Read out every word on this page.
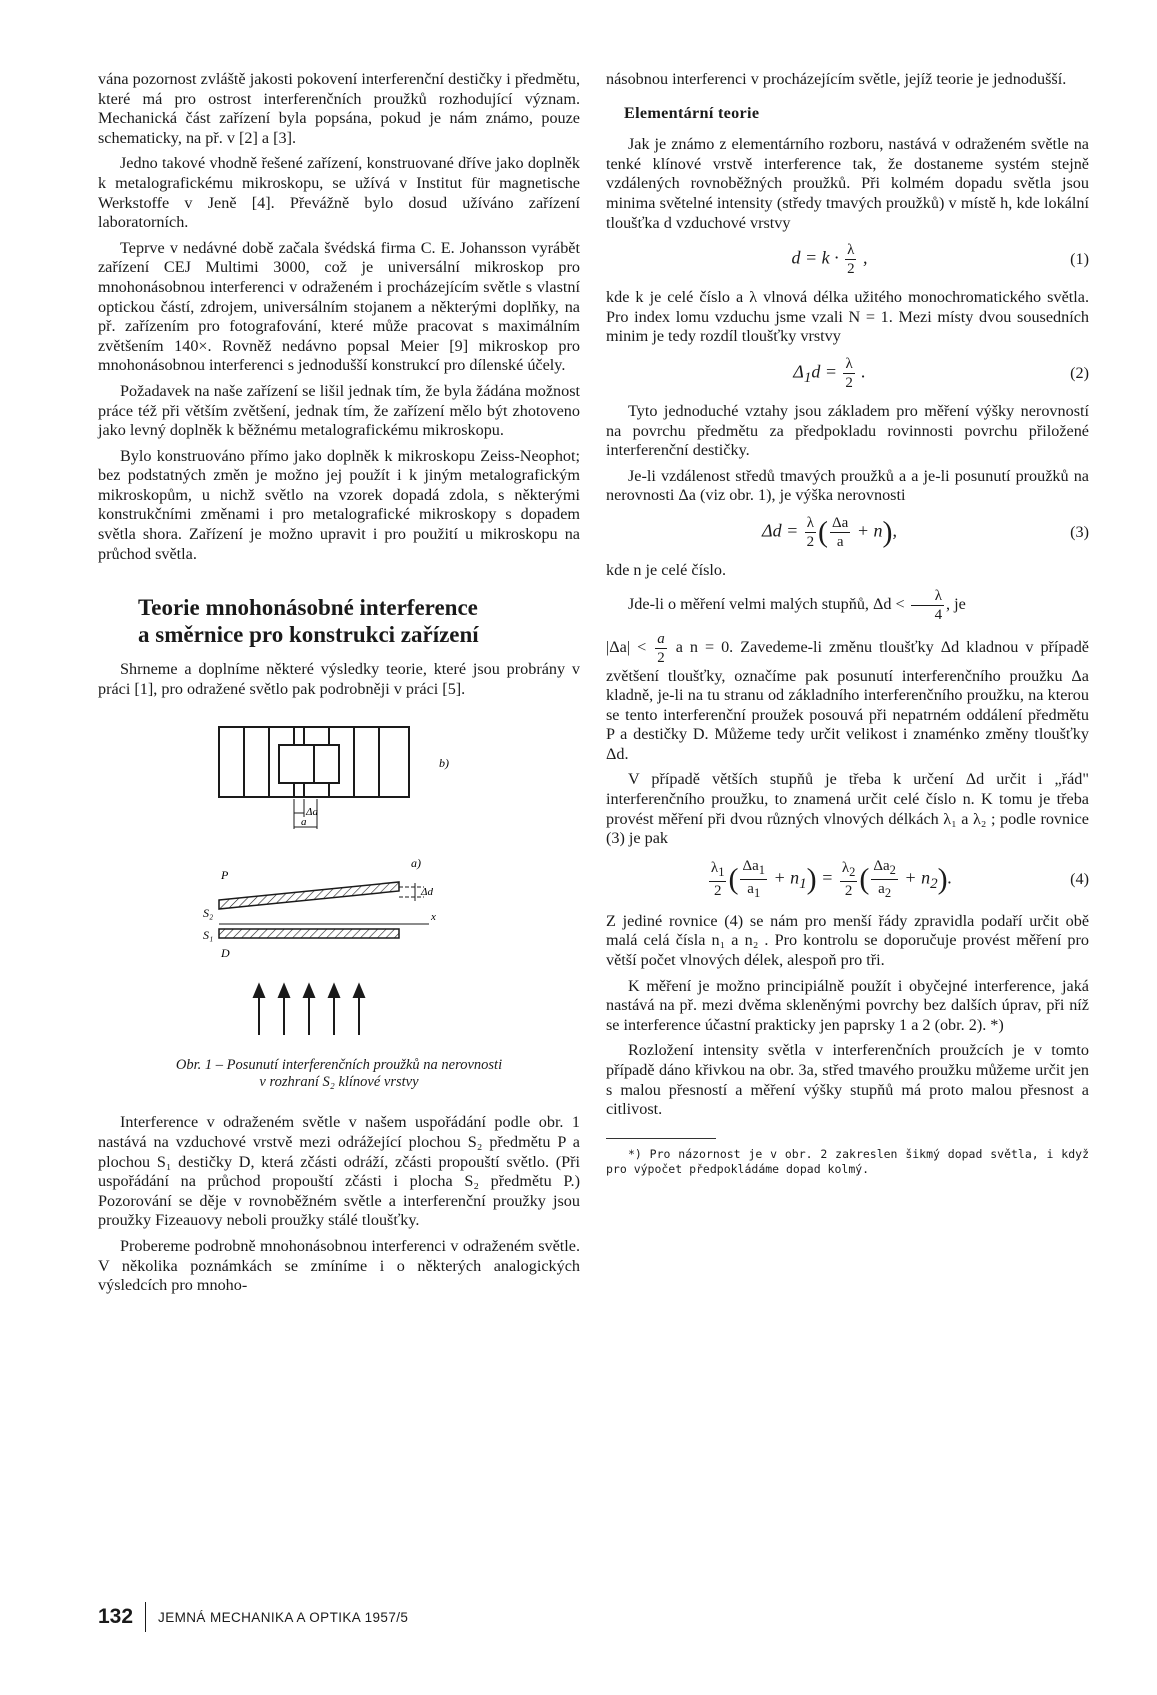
vána pozornost zvláště jakosti pokovení interferenční destičky i předmětu, které má pro ostrost interferenčních proužků rozhodující význam. Mechanická část zařízení byla popsána, pokud je nám známo, pouze schematicky, na př. v [2] a [3].

Jedno takové vhodně řešené zařízení, konstruované dříve jako doplněk k metalografickému mikroskopu, se užívá v Institut für magnetische Werkstoffe v Jeně [4]. Převážně bylo dosud užíváno zařízení laboratorních.

Teprve v nedávné době začala švédská firma C. E. Johansson vyrábět zařízení CEJ Multimi 3000, což je universální mikroskop pro mnohonásobnou interferenci v odraženém i procházejícím světle s vlastní optickou částí, zdrojem, universálním stojanem a některými doplňky, na př. zařízením pro fotografování, které může pracovat s maximálním zvětšením 140×. Rovněž nedávno popsal Meier [9] mikroskop pro mnohonásobnou interferenci s jednodušší konstrukcí pro dílenské účely.

Požadavek na naše zařízení se lišil jednak tím, že byla žádána možnost práce též při větším zvětšení, jednak tím, že zařízení mělo být zhotoveno jako levný doplněk k běžnému metalografickému mikroskopu.

Bylo konstruováno přímo jako doplněk k mikroskopu Zeiss-Neophot; bez podstatných změn je možno jej použít i k jiným metalografickým mikroskopům, u nichž světlo na vzorek dopadá zdola, s některými konstrukčními změnami i pro metalografické mikroskopy s dopadem světla shora. Zařízení je možno upravit i pro použití u mikroskopu na průchod světla.

Teorie mnohonásobné interference
a směrnice pro konstrukci zařízení

Shrneme a doplníme některé výsledky teorie, které jsou probrány v práci [1], pro odražené světlo pak podrobněji v práci [5].

b)
Δa
a
a)
P
S₂
S₁
D
Δd
x
Obr. 1 – Posunutí interferenčních proužků na nerovnosti
v rozhraní S₂ klínové vrstvy

Interference v odraženém světle v našem uspořádání podle obr. 1 nastává na vzduchové vrstvě mezi odrážející plochou S₂ předmětu P a plochou S₁ destičky D, která zčásti odráží, zčásti propouští světlo. (Při uspořádání na průchod propouští zčásti i plocha S₂ předmětu P.) Pozorování se děje v rovnoběžném světle a interferenční proužky jsou proužky Fizeauovy neboli proužky stálé tloušťky.

Probereme podrobně mnohonásobnou interferenci v odraženém světle. V několika poznámkách se zmíníme i o některých analogických výsledcích pro mnoho-

násobnou interferenci v procházejícím světle, jejíž teorie je jednodušší.

Elementární teorie

Jak je známo z elementárního rozboru, nastává v odraženém světle na tenké klínové vrstvě interference tak, že dostaneme systém stejně vzdálených rovnoběžných proužků. Při kolmém dopadu světla jsou minima světelné intensity (středy tmavých proužků) v místě h, kde lokální tloušťka d vzduchové vrstvy

$d = k \cdot \frac{\lambda}{2}$ ,	(1)

kde k je celé číslo a λ vlnová délka užitého monochromatického světla. Pro index lomu vzduchu jsme vzali N = 1. Mezi místy dvou sousedních minim je tedy rozdíl tloušťky vrstvy

$\Delta_1d = \frac{\lambda}{2}$ .	(2)

Tyto jednoduché vztahy jsou základem pro měření výšky nerovností na povrchu předmětu za předpokladu rovinnosti povrchu přiložené interferenční destičky.

Je-li vzdálenost středů tmavých proužků a a je-li posunutí proužků na nerovnosti Δa (viz obr. 1), je výška nerovnosti

$\Delta d = \frac{\lambda}{2}$ ( $\frac{\Delta a}{a} + n$),	(3)

kde n je celé číslo.

Jde-li o měření velmi malých stupňů, $\Delta d < \frac{\lambda}{4}$ , je

$|\Delta a| < \frac{a}{2}$ a n = 0. Zavedeme-li změnu tloušťky Δd kladnou v případě zvětšení tloušťky, označíme pak posunutí interferenčního proužku Δa kladně, je-li na tu stranu od základního interferenčního proužku, na kterou se tento interferenční proužek posouvá při nepatrném oddálení předmětu P a destičky D. Můžeme tedy určit velikost i znaménko změny tloušťky Δd.

V případě větších stupňů je třeba k určení Δd určit i „řád" interferenčního proužku, to znamená určit celé číslo n. K tomu je třeba provést měření při dvou různých vlnových délkách λ₁ a λ₂ ; podle rovnice (3) je pak

$\frac{\lambda_1}{2}$ ( $\frac{\Delta a_1}{a_1} + n_1) = \frac{\lambda_2}{2}$ ( $\frac{\Delta a_2}{a_2} + n_2$).	(4)

Z jediné rovnice (4) se nám pro menší řády zpravidla podaří určit obě malá celá čísla n₁ a n₂ . Pro kontrolu se doporučuje provést měření pro větší počet vlnových délek, alespoň pro tři.

K měření je možno principiálně použít i obyčejné interference, jaká nastává na př. mezi dvěma skleněnými povrchy bez dalších úprav, při níž se interference účastní prakticky jen paprsky 1 a 2 (obr. 2). *)

Rozložení intensity světla v interferenčních proužcích je v tomto případě dáno křivkou na obr. 3a, střed tmavého proužku můžeme určit jen s malou přesností a měření výšky stupňů má proto malou přesnost a citlivost.

*) Pro názornost je v obr. 2 zakreslen šikmý dopad světla, i když pro výpočet předpokládáme dopad kolmý.
132 JEMNÁ MECHANIKA A OPTIKA 1957/5
